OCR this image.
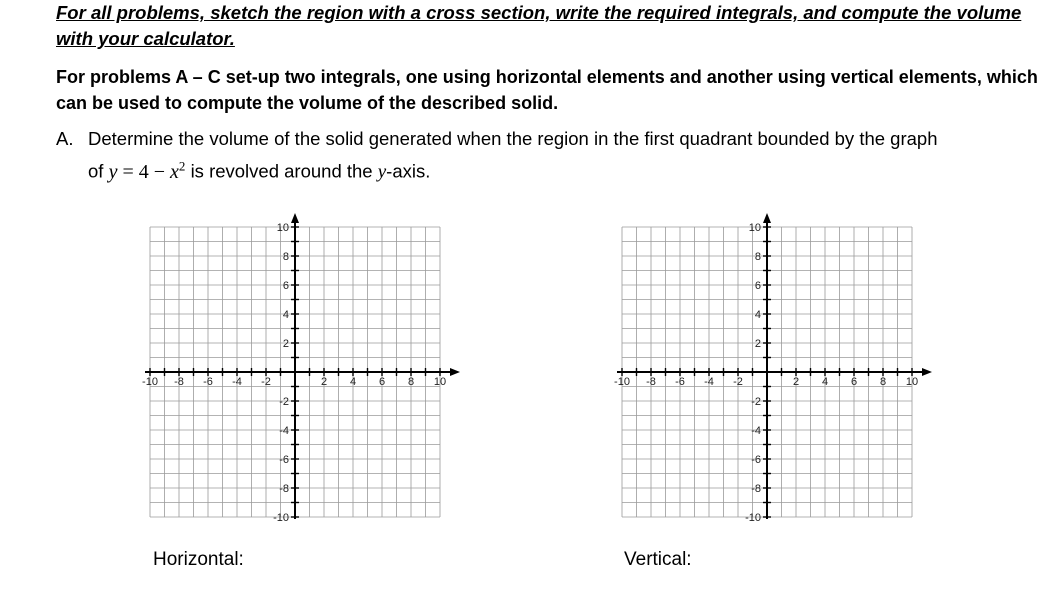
For all problems, sketch the region with a cross section, write the required integrals, and compute the volume with your calculator.
For problems A – C set-up two integrals, one using horizontal elements and another using vertical elements, which can be used to compute the volume of the described solid.
A. Determine the volume of the solid generated when the region in the first quadrant bounded by the graph
of $y = 4 - x^2$ is revolved around the y-axis.
-10 -8 -6 -4 -2	2 4 6 8 10
10
8
6
4
2
-2
-4
-6
-8
-10
-10 -8 -6 -4 -2	2 4 6 8 10
10
8
6
4
2
-2
-4
-6
-8
-10
Horizontal:	Vertical:
